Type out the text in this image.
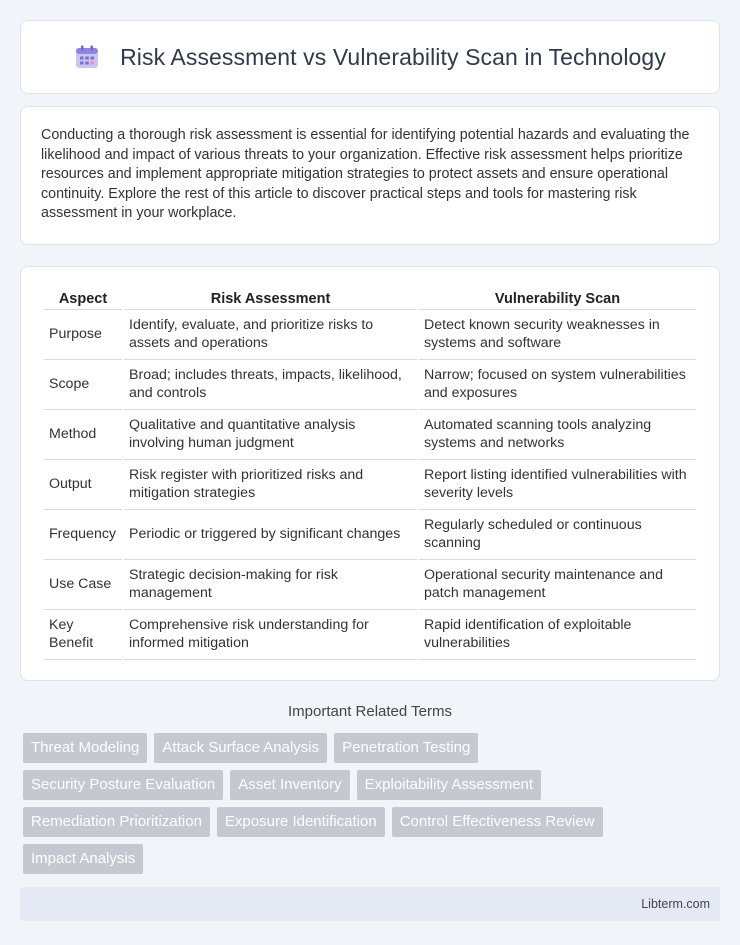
Risk Assessment vs Vulnerability Scan in Technology

Conducting a thorough risk assessment is essential for identifying potential hazards and evaluating the likelihood and impact of various threats to your organization. Effective risk assessment helps prioritize resources and implement appropriate mitigation strategies to protect assets and ensure operational continuity. Explore the rest of this article to discover practical steps and tools for mastering risk assessment in your workplace.

Aspect	Risk Assessment	Vulnerability Scan
Purpose	Identify, evaluate, and prioritize risks to assets and operations	Detect known security weaknesses in systems and software
Scope	Broad; includes threats, impacts, likelihood, and controls	Narrow; focused on system vulnerabilities and exposures
Method	Qualitative and quantitative analysis involving human judgment	Automated scanning tools analyzing systems and networks
Output	Risk register with prioritized risks and mitigation strategies	Report listing identified vulnerabilities with severity levels
Frequency	Periodic or triggered by significant changes	Regularly scheduled or continuous scanning
Use Case	Strategic decision-making for risk management	Operational security maintenance and patch management
Key Benefit	Comprehensive risk understanding for informed mitigation	Rapid identification of exploitable vulnerabilities
Important Related Terms
Threat Modeling	Attack Surface Analysis	Penetration Testing
Security Posture Evaluation	Asset Inventory	Exploitability Assessment
Remediation Prioritization	Exposure Identification	Control Effectiveness Review
Impact Analysis
Libterm.com
